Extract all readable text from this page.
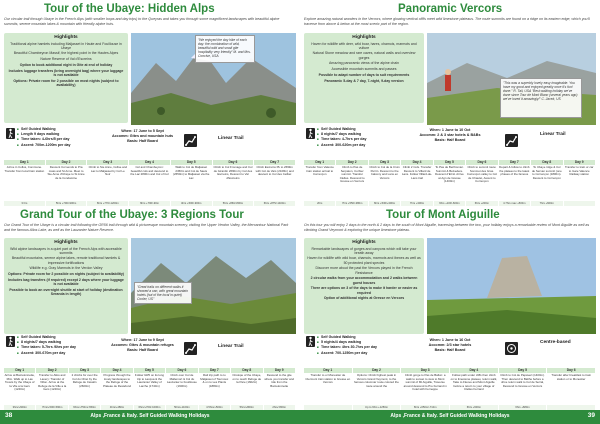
Tour of the Ubaye: Hidden Alps
Our circular trail through Ubaye in the French Alps (with smaller loops and day trips) to the Queyras and takes you through some magnificent landscapes with beautiful alpine summits, serene mountain lakes & mountain with friendly alpine huts.
Highlights
Traditional alpine hamlets including Maljasset in Haute and Fouillouse in Ubaye
Beautiful Chambeyron Massif, the highest point in the Hautes Alpes
Nature Reserve of Val d'Escreins
Option to book additional night in Gite at end of holiday
Includes luggage transfers (bring overnight bag) where your luggage is not available
Options: Private room for 2 possible on most nights (subject to availability)
"We enjoyed the day hike of each day: the combination of wild, beautiful wild and small gite hospitality very friendly" M. and Mrs. Concise, USA
■ Self Guided Walking
■ Length 9 days walking
■ Time taken: 4-6hrs/5 per day
■ Ascent: 700m-1200m per day
When: 17 June to 5 Sept
Accomm: Gites and mountain huts
Basis: Half Board	Linear Trail
Day 1
Arrive in Collus, Commune. Transfer from local train station
3 hrs
Day 2
Descent Col sends to Pra mass and St Anne. Meet to Ste Anne d'Ubaye to St Anne de la Condamine
5hrs +700/-900m
Day 3
Climb to Ste Anne, Collse and Lac to Maljasset by Col Le Noir
6hrs +770/-1200m
Day 4
Col and Chambeyron: beautiful cols and descend to the Lac 2800m and Col of Col
6hrs +790/-90m
Day 5
Walk to Col de Maljasset 2450m and Col de Sauis (2650m) to Maljasset via the Lac
4hrs +500/-900m
Day 6
Climb to Col Fromage and Col de Girardin 2690m by Col des Escreins, Descent to Val d'Escreins
5hrs +860/-800m
Day 7
Climb Escreins Pk to 2699m with Col de Vars (2108m) and descent to Col des Ceillac
6hrs +875/-1400m
Grand Tour of the Ubaye: 3 Regions Tour
Our Grand Tour of the Ubaye is a circular trail following the GR56 trail through wild & picturesque mountain scenery, visiting the Upper Verdon Valley, the Mercantour National Park and the famous Allos Lake, as well as the Lauzanier Nature Reserve.
Highlights
Wild alpine landscapes in a quiet part of the French Alps with accessible summits
Beautiful mountains, serene alpine lakes, remote traditional hamlets & impressive fortifications
Wildlife e.g. Gray Marmots in the Verdon Valley
Options: Private room for 2 possible on nights (subject to availability)
Includes bag transfers (if required) except 2 days where your luggage is not available
Possible to book an overnight shuttle at start of holiday (destination Seranda in length)
"Great trails on different walks it showed a can, with great mountain hotels (hut of the local in quiet) Cooler, US"
■ Self Guided Walking
■ 8 nights/7 days walking
■ Time taken: 5-7hrs /6hrs per day
■ Ascent: 300-670m per day
When: 17 June to 9 Sept
Accomm: Gites & mountain refuges
Basis: Half Board
Linear Trail
Day 1
Arrive at Barcelonnette, Mim. Walk up to Las Tovets by the Ubaye of la Vile a la Gers (1240m)
3hrs/+600m
Day 2
Transfer to Allos and Lavery: Transfer of Villon. Arrive at the Refuge de la Ville a la Gers (1240m)
7hrs/+500/-590m
Day 3
2 climbs for over the Col du Chiet by the Refuge de Cavalin (2600m)
6hrs/+750m/-650m
Day 4
Progress through the lovely landscapes to the Refuge of the Plateau de Restefond
4hrs/+480m
Day 5
Follow GR5 on its long trip to Lacqua & the Lauzanier Valley of Larche (1740m)
6hrs/+700/-1000m
Day 6
Climb over Col de Mallemort & Col du Lauzanier to Fouillouse (1900m)
5hrs/+1100m
Day 7
Rail trip path to to Maljasset of Tournoux & on to Les Plants (1880m)
4.5hrs/+500m
Day 8
Onslope of the Ubaye, on to reach Refuge de la Pare (1602m)
5hrs/+800m
Day 9
Descend to the gite where you transfer and ride from the Barcelonnette
2hrs/-800m
Alps ,France & Italy. Self Guided Walking Holidays
38
Panoramic Vercors
Explore amazing natural wonders in the Vercors, where glowing vertical cliffs meet wild limestone plateaus. The route summits are found on a ridge on its eastern edge, which you'll traverse from above & below at the most scenic part of the region.
Highlights
Haven for wildlife with deer, wild boar, hares, chamois, marmots and vulture
Natural Stone meadow and rare caves, natural walls and overview gorges
Amazing panoramic views of the alpine chain
Accessible mountain summits and passes
Possible to adapt number of days to suit requirements
Panoramic 5-day & 7 day, 7-night, 9-day version
"This was a superbly lovely easy imaginable. You have my good and enjoyed greatly once it's fun! done." R. Tall, USA "Best walking holiday we've done since Tour de Mont Blanc (several years ago) we've loved it amazingly!" C. Jacek, US
■ Self Guided Walking
■ 8 nights/7 days walking
■ Time taken: 4-7hrs per day
■ Ascent: 300-620m per day
When: 1 June to 10 Oct
Accomm: 2 & 3 star hotels & B&Bs
Basis: Half Board
Linear Trail
Day 1
Transfer from Valence train station arrival to Corrençon
2hrs
Day 2
Climb to Pas de Serpaton, Corbier summit. Transfer Clelles. Descend to Gresse en Vercors
7hrs +550/-380m
Day 3
Climb to Col de la Croix Perrin. Descent to the balcony and Lans en Vercors
6hrs +530/+300m
Day 4
Climb 2 Cols. Transfer Descent to Villard de Lans. Follow Villard-de-Lans trail
7hrs +300m
Day 5
To Pas de Berthomier. Summit & Belvedere. Descent d'ECH. Arrive at Agn de Gresse (1400m)
6hrs +100/-600m
Day 6
Climb to summit route: Sommet des Gras. Corrençon valley to Col de Chaulet, Ascent to Corrençon
6hrs +200m
Day 7
Depart & follow to climb the plateau to the latest phases of the famous
4.7hrs max +500m
Day 8
To Ubaye ridge & Col de Servan summit (one to Corrençon (1800m). Descent to Corrençon
7hrs +600m
Day 9
Transfer to train or car to Gare Valence Railway station
Tour of Mont Aiguille
On this tour you will enjoy 2 days to the north & 2 days to the south of Mont Aiguille, traversing between the two, your holiday enjoys a remarkable review of Mont Aiguille as well as climbing Grand Veymont & exploring the unique limestone plateau.
Highlights
Remarkable landscapes of gorges and canyons which will take your breath away
Haven for wildlife with wild boar, chamois, marmots and ibexes as well as 50 protected plant species
Discover more about the past the Vercors played in the French Resistance
2 circular walks from your accommodation and 2 walks between guest houses
There are options on 3 of the days to make it harder or easier as required
Option of additional nights at Gresse en Vercors
■ Self Guided Walking
■ 5 nights/4 days walking
■ Time taken: 4hrs 30-7hrs per day
■ Ascent: 700-1250m per day
When: 1 June to 16 Oct
Accomm: 2/3 star hotels
Basis: Half Board
Centre-based
Day 1
Transfer to or Monestier de Clermont train station to Gresse en Vercors
Day 2
Options: Climb highest peak in Vercors Grand Veymont, to the famous columnar route colored the route around the
Up to 6hrs +1250m
Day 3
Climb gorge to Pas de Ballon: a walk to sunset to view to Mont summit of Mt Aiguille, Traverse around descend to Pre Ferrand in hotel with Ferneppe
6hrs +650m/-710m
Day 4
Follow path under cliffs then climb on to limestone plateau, return walk, Take to Fleuve and Mont Aiguille before a return to your village of Clelles Ferrand
6hrs +600m
Day 5
Climb to Col de Papavert (1400m). Then descend to Balthe before a drive return walk to Col de Serral, Descend to Gresse en Vercors
6hrs +680m
Day 6
Transfer after breakfast to train station or to Monestier
Alps ,France & Italy. Self Guided Walking Holidays	39
